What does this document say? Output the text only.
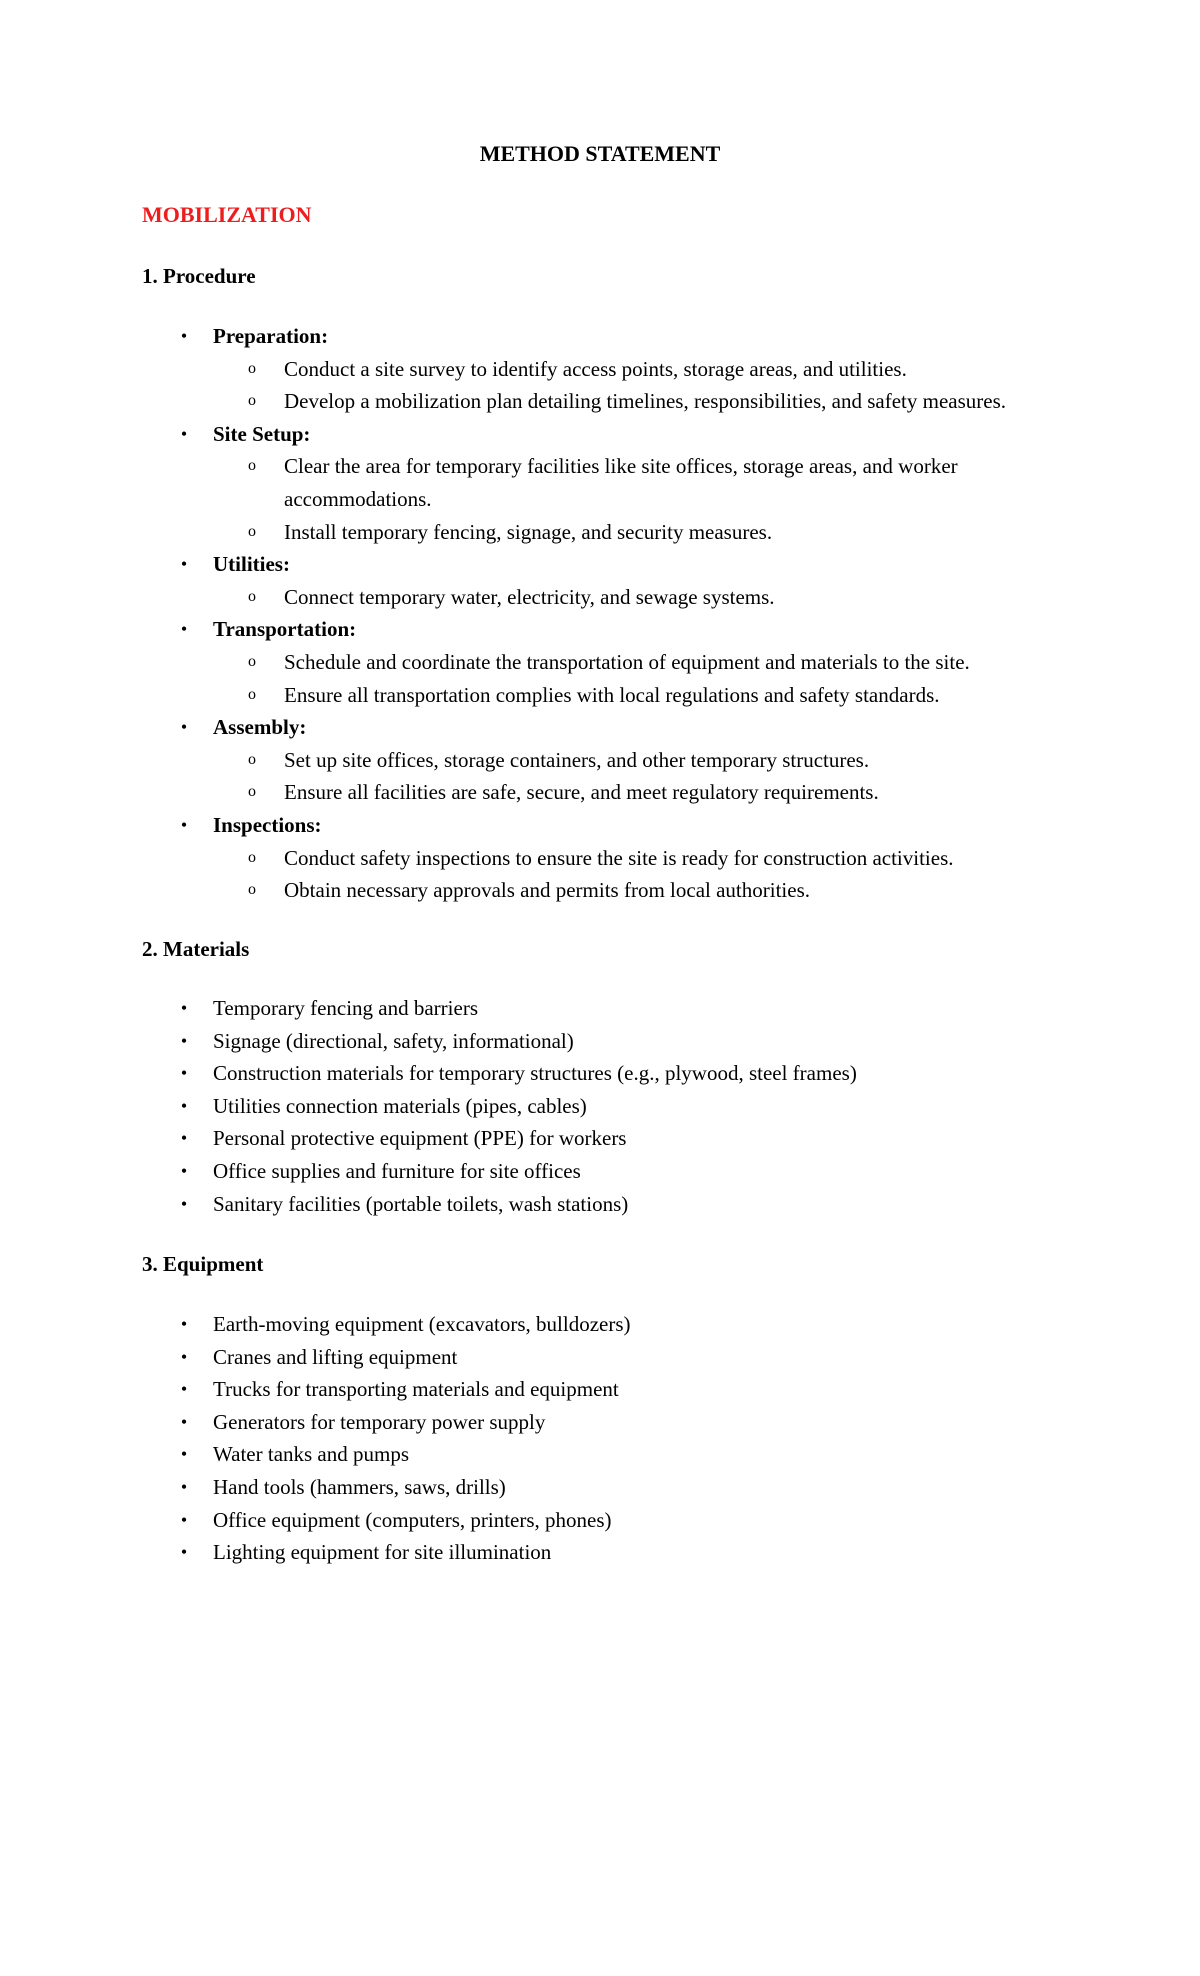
METHOD STATEMENT
MOBILIZATION
1. Procedure
• Preparation:
o Conduct a site survey to identify access points, storage areas, and utilities.
o Develop a mobilization plan detailing timelines, responsibilities, and safety measures.
• Site Setup:
o Clear the area for temporary facilities like site offices, storage areas, and worker accommodations.
o Install temporary fencing, signage, and security measures.
• Utilities:
o Connect temporary water, electricity, and sewage systems.
• Transportation:
o Schedule and coordinate the transportation of equipment and materials to the site.
o Ensure all transportation complies with local regulations and safety standards.
• Assembly:
o Set up site offices, storage containers, and other temporary structures.
o Ensure all facilities are safe, secure, and meet regulatory requirements.
• Inspections:
o Conduct safety inspections to ensure the site is ready for construction activities.
o Obtain necessary approvals and permits from local authorities.
2. Materials
• Temporary fencing and barriers
• Signage (directional, safety, informational)
• Construction materials for temporary structures (e.g., plywood, steel frames)
• Utilities connection materials (pipes, cables)
• Personal protective equipment (PPE) for workers
• Office supplies and furniture for site offices
• Sanitary facilities (portable toilets, wash stations)
3. Equipment
• Earth-moving equipment (excavators, bulldozers)
• Cranes and lifting equipment
• Trucks for transporting materials and equipment
• Generators for temporary power supply
• Water tanks and pumps
• Hand tools (hammers, saws, drills)
• Office equipment (computers, printers, phones)
• Lighting equipment for site illumination
